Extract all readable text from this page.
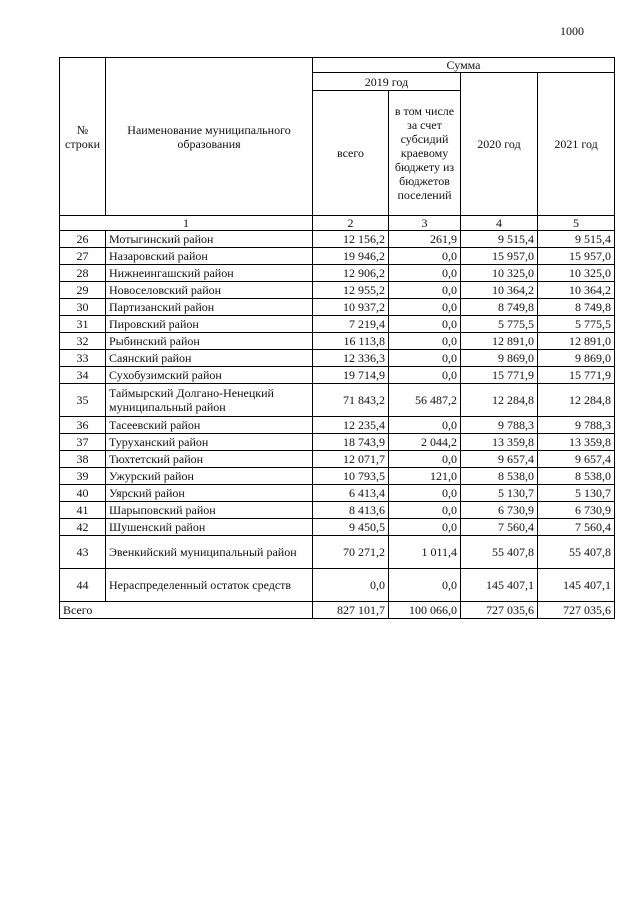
1000
№ строки	Наименование муниципального образования	Сумма			
		2019 год		2020 год	2021 год
		всего	в том числе за счет субсидий краевому бюджету из бюджетов поселений		
1		2	3	4	5
26	Мотыгинский район	12 156,2	261,9	9 515,4	9 515,4
27	Назаровский район	19 946,2	0,0	15 957,0	15 957,0
28	Нижнеингашский район	12 906,2	0,0	10 325,0	10 325,0
29	Новоселовский район	12 955,2	0,0	10 364,2	10 364,2
30	Партизанский район	10 937,2	0,0	8 749,8	8 749,8
31	Пировский район	7 219,4	0,0	5 775,5	5 775,5
32	Рыбинский район	16 113,8	0,0	12 891,0	12 891,0
33	Саянский район	12 336,3	0,0	9 869,0	9 869,0
34	Сухобузимский район	19 714,9	0,0	15 771,9	15 771,9
35	Таймырский Долгано-Ненецкий муниципальный район	71 843,2	56 487,2	12 284,8	12 284,8
36	Тасеевский район	12 235,4	0,0	9 788,3	9 788,3
37	Туруханский район	18 743,9	2 044,2	13 359,8	13 359,8
38	Тюхтетский район	12 071,7	0,0	9 657,4	9 657,4
39	Ужурский район	10 793,5	121,0	8 538,0	8 538,0
40	Уярский район	6 413,4	0,0	5 130,7	5 130,7
41	Шарыповский район	8 413,6	0,0	6 730,9	6 730,9
42	Шушенский район	9 450,5	0,0	7 560,4	7 560,4
43	Эвенкийский муниципальный район	70 271,2	1 011,4	55 407,8	55 407,8
44	Нераспределенный остаток средств	0,0	0,0	145 407,1	145 407,1
Всего		827 101,7	100 066,0	727 035,6	727 035,6
